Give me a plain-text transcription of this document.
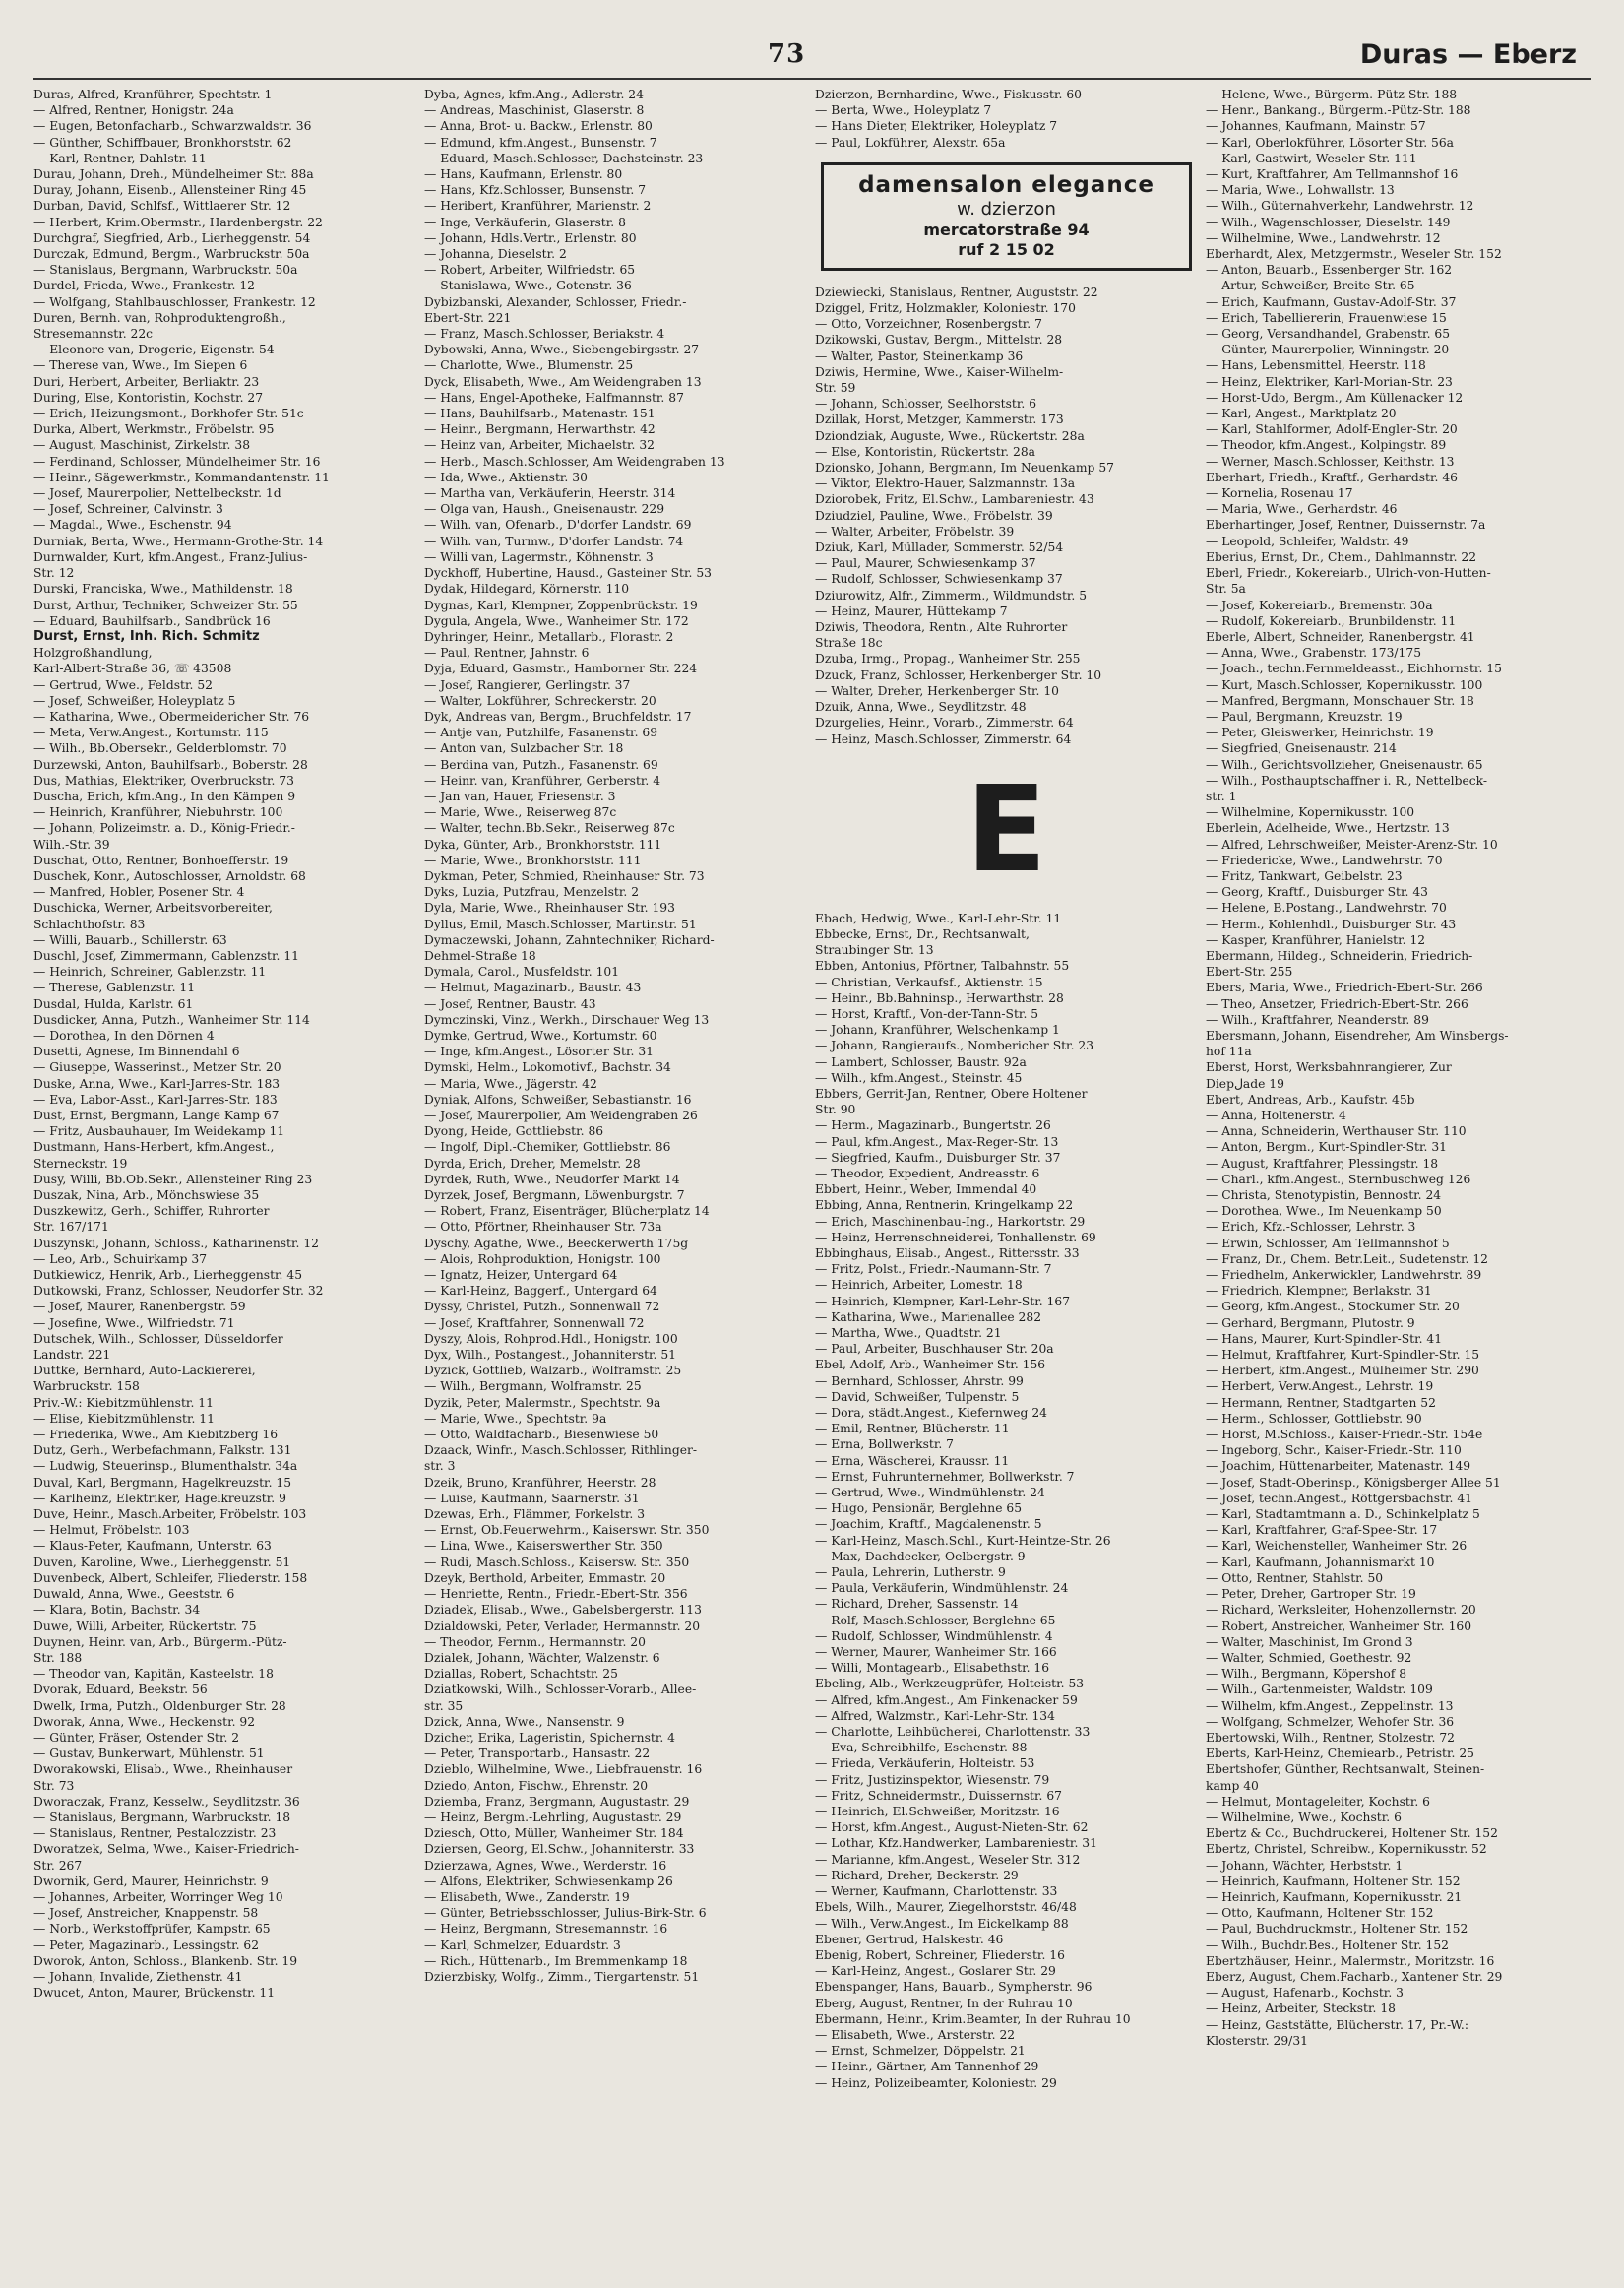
73	Duras — Eberz
Duras, Alfred, Kranführer, Spechtstr. 1
— Alfred, Rentner, Honigstr. 24a
— Eugen, Betonfacharb., Schwarzwaldstr. 36
— Günther, Schiffbauer, Bronkhorststr. 62
— Karl, Rentner, Dahlstr. 11
Durau, Johann, Dreh., Mündelheimer Str. 88a
Duray, Johann, Eisenb., Allensteiner Ring 45
Durban, David, Schlfsf., Wittlaerer Str. 12
— Herbert, Krim.Obermstr., Hardenbergstr. 22
Durchgraf, Siegfried, Arb., Lierheggenstr. 54
Durczak, Edmund, Bergm., Warbruckstr. 50a
— Stanislaus, Bergmann, Warbruckstr. 50a
Durdel, Frieda, Wwe., Frankestr. 12
— Wolfgang, Stahlbauschlosser, Frankestr. 12
Duren, Bernh. van, Rohproduktengroßh.,
Stresemannstr. 22c
— Eleonore van, Drogerie, Eigenstr. 54
— Therese van, Wwe., Im Siepen 6
Duri, Herbert, Arbeiter, Berliaktr. 23
During, Else, Kontoristin, Kochstr. 27
— Erich, Heizungsmont., Borkhofer Str. 51c
Durka, Albert, Werkmstr., Fröbelstr. 95
— August, Maschinist, Zirkelstr. 38
— Ferdinand, Schlosser, Mündelheimer Str. 16
— Heinr., Sägewerkmstr., Kommandantenstr. 11
— Josef, Maurerpolier, Nettelbeckstr. 1d
— Josef, Schreiner, Calvinstr. 3
— Magdal., Wwe., Eschenstr. 94
Durniak, Berta, Wwe., Hermann-Grothe-Str. 14
Durnwalder, Kurt, kfm.Angest., Franz-Julius-
Str. 12
Durski, Franciska, Wwe., Mathildenstr. 18
Durst, Arthur, Techniker, Schweizer Str. 55
— Eduard, Bauhilfsarb., Sandbrück 16
Durst, Ernst, Inh. Rich. Schmitz
Holzgroßhandlung,
Karl-Albert-Straße 36, ☏ 43508
— Gertrud, Wwe., Feldstr. 52
— Josef, Schweißer, Holeyplatz 5
— Katharina, Wwe., Obermeidericher Str. 76
— Meta, Verw.Angest., Kortumstr. 115
— Wilh., Bb.Obersekr., Gelderblomstr. 70
Durzewski, Anton, Bauhilfsarb., Boberstr. 28
Dus, Mathias, Elektriker, Overbruckstr. 73
Duscha, Erich, kfm.Ang., In den Kämpen 9
— Heinrich, Kranführer, Niebuhrstr. 100
— Johann, Polizeimstr. a. D., König-Friedr.-
Wilh.-Str. 39
Duschat, Otto, Rentner, Bonhoefferstr. 19
Duschek, Konr., Autoschlosser, Arnoldstr. 68
— Manfred, Hobler, Posener Str. 4
Duschicka, Werner, Arbeitsvorbereiter,
Schlachthofstr. 83
— Willi, Bauarb., Schillerstr. 63
Duschl, Josef, Zimmermann, Gablenzstr. 11
— Heinrich, Schreiner, Gablenzstr. 11
— Therese, Gablenzstr. 11
Dusdal, Hulda, Karlstr. 61
Dusdicker, Anna, Putzh., Wanheimer Str. 114
— Dorothea, In den Dörnen 4
Dusetti, Agnese, Im Binnendahl 6
— Giuseppe, Wasserinst., Metzer Str. 20
Duske, Anna, Wwe., Karl-Jarres-Str. 183
— Eva, Labor-Asst., Karl-Jarres-Str. 183
Dust, Ernst, Bergmann, Lange Kamp 67
— Fritz, Ausbauhauer, Im Weidekamp 11
Dustmann, Hans-Herbert, kfm.Angest.,
Sterneckstr. 19
Dusy, Willi, Bb.Ob.Sekr., Allensteiner Ring 23
Duszak, Nina, Arb., Mönchswiese 35
Duszkewitz, Gerh., Schiffer, Ruhrorter
Str. 167/171
Duszynski, Johann, Schloss., Katharinenstr. 12
— Leo, Arb., Schuirkamp 37
Dutkiewicz, Henrik, Arb., Lierheggenstr. 45
Dutkowski, Franz, Schlosser, Neudorfer Str. 32
— Josef, Maurer, Ranenbergstr. 59
— Josefine, Wwe., Wilfriedstr. 71
Dutschek, Wilh., Schlosser, Düsseldorfer
Landstr. 221
Duttke, Bernhard, Auto-Lackiererei,
Warbruckstr. 158
Priv.-W.: Kiebitzmühlenstr. 11
— Elise, Kiebitzmühlenstr. 11
— Friederika, Wwe., Am Kiebitzberg 16
Dutz, Gerh., Werbefachmann, Falkstr. 131
— Ludwig, Steuerinsp., Blumenthalstr. 34a
Duval, Karl, Bergmann, Hagelkreuzstr. 15
— Karlheinz, Elektriker, Hagelkreuzstr. 9
Duve, Heinr., Masch.Arbeiter, Fröbelstr. 103
— Helmut, Fröbelstr. 103
— Klaus-Peter, Kaufmann, Unterstr. 63
Duven, Karoline, Wwe., Lierheggenstr. 51
Duvenbeck, Albert, Schleifer, Fliederstr. 158
Duwald, Anna, Wwe., Geeststr. 6
— Klara, Botin, Bachstr. 34
Duwe, Willi, Arbeiter, Rückertstr. 75
Duynen, Heinr. van, Arb., Bürgerm.-Pütz-
Str. 188
— Theodor van, Kapitän, Kasteelstr. 18
Dvorak, Eduard, Beekstr. 56
Dwelk, Irma, Putzh., Oldenburger Str. 28
Dworak, Anna, Wwe., Heckenstr. 92
— Günter, Fräser, Ostender Str. 2
— Gustav, Bunkerwart, Mühlenstr. 51
Dworakowski, Elisab., Wwe., Rheinhauser
Str. 73
Dworaczak, Franz, Kesselw., Seydlitzstr. 36
— Stanislaus, Bergmann, Warbruckstr. 18
— Stanislaus, Rentner, Pestalozzistr. 23
Dworatzek, Selma, Wwe., Kaiser-Friedrich-
Str. 267
Dwornik, Gerd, Maurer, Heinrichstr. 9
— Johannes, Arbeiter, Worringer Weg 10
— Josef, Anstreicher, Knappenstr. 58
— Norb., Werkstoffprüfer, Kampstr. 65
— Peter, Magazinarb., Lessingstr. 62
Dworok, Anton, Schloss., Blankenb. Str. 19
— Johann, Invalide, Ziethenstr. 41
Dwucet, Anton, Maurer, Brückenstr. 11
Dyba, Agnes, kfm.Ang., Adlerstr. 24
— Andreas, Maschinist, Glaserstr. 8
— Anna, Brot- u. Backw., Erlenstr. 80
— Edmund, kfm.Angest., Bunsenstr. 7
— Eduard, Masch.Schlosser, Dachsteinstr. 23
— Hans, Kaufmann, Erlenstr. 80
— Hans, Kfz.Schlosser, Bunsenstr. 7
— Heribert, Kranführer, Marienstr. 2
— Inge, Verkäuferin, Glaserstr. 8
— Johann, Hdls.Vertr., Erlenstr. 80
— Johanna, Dieselstr. 2
— Robert, Arbeiter, Wilfriedstr. 65
— Stanislawa, Wwe., Gotenstr. 36
Dybizbanski, Alexander, Schlosser, Friedr.-
Ebert-Str. 221
— Franz, Masch.Schlosser, Beriakstr. 4
Dybowski, Anna, Wwe., Siebengebirgsstr. 27
— Charlotte, Wwe., Blumenstr. 25
Dyck, Elisabeth, Wwe., Am Weidengraben 13
— Hans, Engel-Apotheke, Halfmannstr. 87
— Hans, Bauhilfsarb., Matenastr. 151
— Heinr., Bergmann, Herwarthstr. 42
— Heinz van, Arbeiter, Michaelstr. 32
— Herb., Masch.Schlosser, Am Weidengraben 13
— Ida, Wwe., Aktienstr. 30
— Martha van, Verkäuferin, Heerstr. 314
— Olga van, Haush., Gneisenaustr. 229
— Wilh. van, Ofenarb., D'dorfer Landstr. 69
— Wilh. van, Turmw., D'dorfer Landstr. 74
— Willi van, Lagermstr., Köhnenstr. 3
Dyckhoff, Hubertine, Hausd., Gasteiner Str. 53
Dydak, Hildegard, Körnerstr. 110
Dygnas, Karl, Klempner, Zoppenbrückstr. 19
Dygula, Angela, Wwe., Wanheimer Str. 172
Dyhringer, Heinr., Metallarb., Florastr. 2
— Paul, Rentner, Jahnstr. 6
Dyja, Eduard, Gasmstr., Hamborner Str. 224
— Josef, Rangierer, Gerlingstr. 37
— Walter, Lokführer, Schreckerstr. 20
Dyk, Andreas van, Bergm., Bruchfeldstr. 17
— Antje van, Putzhilfe, Fasanenstr. 69
— Anton van, Sulzbacher Str. 18
— Berdina van, Putzh., Fasanenstr. 69
— Heinr. van, Kranführer, Gerberstr. 4
— Jan van, Hauer, Friesenstr. 3
— Marie, Wwe., Reiserweg 87c
— Walter, techn.Bb.Sekr., Reiserweg 87c
Dyka, Günter, Arb., Bronkhorststr. 111
— Marie, Wwe., Bronkhorststr. 111
Dykman, Peter, Schmied, Rheinhauser Str. 73
Dyks, Luzia, Putzfrau, Menzelstr. 2
Dyla, Marie, Wwe., Rheinhauser Str. 193
Dyllus, Emil, Masch.Schlosser, Martinstr. 51
Dymaczewski, Johann, Zahntechniker, Richard-
Dehmel-Straße 18
Dymala, Carol., Musfeldstr. 101
— Helmut, Magazinarb., Baustr. 43
— Josef, Rentner, Baustr. 43
Dymczinski, Vinz., Werkh., Dirschauer Weg 13
Dymke, Gertrud, Wwe., Kortumstr. 60
— Inge, kfm.Angest., Lösorter Str. 31
Dymski, Helm., Lokomotivf., Bachstr. 34
— Maria, Wwe., Jägerstr. 42
Dyniak, Alfons, Schweißer, Sebastianstr. 16
— Josef, Maurerpolier, Am Weidengraben 26
Dyong, Heide, Gottliebstr. 86
— Ingolf, Dipl.-Chemiker, Gottliebstr. 86
Dyrda, Erich, Dreher, Memelstr. 28
Dyrdek, Ruth, Wwe., Neudorfer Markt 14
Dyrzek, Josef, Bergmann, Löwenburgstr. 7
— Robert, Franz, Eisenträger, Blücherplatz 14
— Otto, Pförtner, Rheinhauser Str. 73a
Dyschy, Agathe, Wwe., Beeckerwerth 175g
— Alois, Rohproduktion, Honigstr. 100
— Ignatz, Heizer, Untergard 64
— Karl-Heinz, Baggerf., Untergard 64
Dyssy, Christel, Putzh., Sonnenwall 72
— Josef, Kraftfahrer, Sonnenwall 72
Dyszy, Alois, Rohprod.Hdl., Honigstr. 100
Dyx, Wilh., Postangest., Johanniterstr. 51
Dyzick, Gottlieb, Walzarb., Wolframstr. 25
— Wilh., Bergmann, Wolframstr. 25
Dyzik, Peter, Malermstr., Spechtstr. 9a
— Marie, Wwe., Spechtstr. 9a
— Otto, Waldfacharb., Biesenwiese 50
Dzaack, Winfr., Masch.Schlosser, Rithlinger-
str. 3
Dzeik, Bruno, Kranführer, Heerstr. 28
— Luise, Kaufmann, Saarnerstr. 31
Dzewas, Erh., Flämmer, Forkelstr. 3
— Ernst, Ob.Feuerwehrm., Kaiserswr. Str. 350
— Lina, Wwe., Kaiserswerther Str. 350
— Rudi, Masch.Schloss., Kaisersw. Str. 350
Dzeyk, Berthold, Arbeiter, Emmastr. 20
— Henriette, Rentn., Friedr.-Ebert-Str. 356
Dziadek, Elisab., Wwe., Gabelsbergerstr. 113
Dzialdowski, Peter, Verlader, Hermannstr. 20
— Theodor, Fernm., Hermannstr. 20
Dzialek, Johann, Wächter, Walzenstr. 6
Dziallas, Robert, Schachtstr. 25
Dziatkowski, Wilh., Schlosser-Vorarb., Allee-
str. 35
Dzick, Anna, Wwe., Nansenstr. 9
Dzicher, Erika, Lageristin, Spichernstr. 4
— Peter, Transportarb., Hansastr. 22
Dzieblo, Wilhelmine, Wwe., Liebfrauenstr. 16
Dziedo, Anton, Fischw., Ehrenstr. 20
Dziemba, Franz, Bergmann, Augustastr. 29
— Heinz, Bergm.-Lehrling, Augustastr. 29
Dziesch, Otto, Müller, Wanheimer Str. 184
Dziersen, Georg, El.Schw., Johanniterstr. 33
Dzierzawa, Agnes, Wwe., Werderstr. 16
— Alfons, Elektriker, Schwiesenkamp 26
— Elisabeth, Wwe., Zanderstr. 19
— Günter, Betriebsschlosser, Julius-Birk-Str. 6
— Heinz, Bergmann, Stresemannstr. 16
— Karl, Schmelzer, Eduardstr. 3
— Rich., Hüttenarb., Im Bremmenkamp 18
Dzierzbisky, Wolfg., Zimm., Tiergartenstr. 51
Dzierzon, Bernhardine, Wwe., Fiskusstr. 60
— Berta, Wwe., Holeyplatz 7
— Hans Dieter, Elektriker, Holeyplatz 7
— Paul, Lokführer, Alexstr. 65a
damensalon elegance
w. dzierzon
mercatorstraße 94
ruf 2 15 02
Dziewiecki, Stanislaus, Rentner, Auguststr. 22
Dziggel, Fritz, Holzmakler, Koloniestr. 170
— Otto, Vorzeichner, Rosenbergstr. 7
Dzikowski, Gustav, Bergm., Mittelstr. 28
— Walter, Pastor, Steinenkamp 36
Dziwis, Hermine, Wwe., Kaiser-Wilhelm-
Str. 59
— Johann, Schlosser, Seelhorststr. 6
Dzillak, Horst, Metzger, Kammerstr. 173
Dziondziak, Auguste, Wwe., Rückertstr. 28a
— Else, Kontoristin, Rückertstr. 28a
Dzionsko, Johann, Bergmann, Im Neuenkamp 57
— Viktor, Elektro-Hauer, Salzmannstr. 13a
Dziorobek, Fritz, El.Schw., Lambareniestr. 43
Dziudziel, Pauline, Wwe., Fröbelstr. 39
— Walter, Arbeiter, Fröbelstr. 39
Dziuk, Karl, Müllader, Sommerstr. 52/54
— Paul, Maurer, Schwiesenkamp 37
— Rudolf, Schlosser, Schwiesenkamp 37
Dziurowitz, Alfr., Zimmerm., Wildmundstr. 5
— Heinz, Maurer, Hüttekamp 7
Dziwis, Theodora, Rentn., Alte Ruhrorter
Straße 18c
Dzuba, Irmg., Propag., Wanheimer Str. 255
Dzuck, Franz, Schlosser, Herkenberger Str. 10
— Walter, Dreher, Herkenberger Str. 10
Dzuik, Anna, Wwe., Seydlitzstr. 48
Dzurgelies, Heinr., Vorarb., Zimmerstr. 64
— Heinz, Masch.Schlosser, Zimmerstr. 64
E
Ebach, Hedwig, Wwe., Karl-Lehr-Str. 11
Ebbecke, Ernst, Dr., Rechtsanwalt,
Straubinger Str. 13
Ebben, Antonius, Pförtner, Talbahnstr. 55
— Christian, Verkaufsf., Aktienstr. 15
— Heinr., Bb.Bahninsp., Herwarthstr. 28
— Horst, Kraftf., Von-der-Tann-Str. 5
— Johann, Kranführer, Welschenkamp 1
— Johann, Rangieraufs., Nombericher Str. 23
— Lambert, Schlosser, Baustr. 92a
— Wilh., kfm.Angest., Steinstr. 45
Ebbers, Gerrit-Jan, Rentner, Obere Holtener
Str. 90
— Herm., Magazinarb., Bungertstr. 26
— Paul, kfm.Angest., Max-Reger-Str. 13
— Siegfried, Kaufm., Duisburger Str. 37
— Theodor, Expedient, Andreasstr. 6
Ebbert, Heinr., Weber, Immendal 40
Ebbing, Anna, Rentnerin, Kringelkamp 22
— Erich, Maschinenbau-Ing., Harkortstr. 29
— Heinz, Herrenschneiderei, Tonhallenstr. 69
Ebbinghaus, Elisab., Angest., Rittersstr. 33
— Fritz, Polst., Friedr.-Naumann-Str. 7
— Heinrich, Arbeiter, Lomestr. 18
— Heinrich, Klempner, Karl-Lehr-Str. 167
— Katharina, Wwe., Marienallee 282
— Martha, Wwe., Quadtstr. 21
— Paul, Arbeiter, Buschhauser Str. 20a
Ebel, Adolf, Arb., Wanheimer Str. 156
— Bernhard, Schlosser, Ahrstr. 99
— David, Schweißer, Tulpenstr. 5
— Dora, städt.Angest., Kiefernweg 24
— Emil, Rentner, Blücherstr. 11
— Erna, Bollwerkstr. 7
— Erna, Wäscherei, Kraussr. 11
— Ernst, Fuhrunternehmer, Bollwerkstr. 7
— Gertrud, Wwe., Windmühlenstr. 24
— Hugo, Pensionär, Berglehne 65
— Joachim, Kraftf., Magdalenenstr. 5
— Karl-Heinz, Masch.Schl., Kurt-Heintze-Str. 26
— Max, Dachdecker, Oelbergstr. 9
— Paula, Lehrerin, Lutherstr. 9
— Paula, Verkäuferin, Windmühlenstr. 24
— Richard, Dreher, Sassenstr. 14
— Rolf, Masch.Schlosser, Berglehne 65
— Rudolf, Schlosser, Windmühlenstr. 4
— Werner, Maurer, Wanheimer Str. 166
— Willi, Montagearb., Elisabethstr. 16
Ebeling, Alb., Werkzeugprüfer, Holteistr. 53
— Alfred, kfm.Angest., Am Finkenacker 59
— Alfred, Walzmstr., Karl-Lehr-Str. 134
— Charlotte, Leihbücherei, Charlottenstr. 33
— Eva, Schreibhilfe, Eschenstr. 88
— Frieda, Verkäuferin, Holteistr. 53
— Fritz, Justizinspektor, Wiesenstr. 79
— Fritz, Schneidermstr., Duissernstr. 67
— Heinrich, El.Schweißer, Moritzstr. 16
— Horst, kfm.Angest., August-Nieten-Str. 62
— Lothar, Kfz.Handwerker, Lambareniestr. 31
— Marianne, kfm.Angest., Weseler Str. 312
— Richard, Dreher, Beckerstr. 29
— Werner, Kaufmann, Charlottenstr. 33
Ebels, Wilh., Maurer, Ziegelhorststr. 46/48
— Wilh., Verw.Angest., Im Eickelkamp 88
Ebener, Gertrud, Halskestr. 46
Ebenig, Robert, Schreiner, Fliederstr. 16
— Karl-Heinz, Angest., Goslarer Str. 29
Ebenspanger, Hans, Bauarb., Sympherstr. 96
Eberg, August, Rentner, In der Ruhrau 10
Ebermann, Heinr., Krim.Beamter, In der Ruhrau 10
— Elisabeth, Wwe., Arsterstr. 22
— Ernst, Schmelzer, Döppelstr. 21
— Heinr., Gärtner, Am Tannenhof 29
— Heinz, Polizeibeamter, Koloniestr. 29
— Helene, Wwe., Bürgerm.-Pütz-Str. 188
— Henr., Bankang., Bürgerm.-Pütz-Str. 188
— Johannes, Kaufmann, Mainstr. 57
— Karl, Oberlokführer, Lösorter Str. 56a
— Karl, Gastwirt, Weseler Str. 111
— Kurt, Kraftfahrer, Am Tellmannshof 16
— Maria, Wwe., Lohwallstr. 13
— Wilh., Güternahverkehr, Landwehrstr. 12
— Wilh., Wagenschlosser, Dieselstr. 149
— Wilhelmine, Wwe., Landwehrstr. 12
Eberhardt, Alex, Metzgermstr., Weseler Str. 152
— Anton, Bauarb., Essenberger Str. 162
— Artur, Schweißer, Breite Str. 65
— Erich, Kaufmann, Gustav-Adolf-Str. 37
— Erich, Tabelliererin, Frauenwiese 15
— Georg, Versandhandel, Grabenstr. 65
— Günter, Maurerpolier, Winningstr. 20
— Hans, Lebensmittel, Heerstr. 118
— Heinz, Elektriker, Karl-Morian-Str. 23
— Horst-Udo, Bergm., Am Küllenacker 12
— Karl, Angest., Marktplatz 20
— Karl, Stahlformer, Adolf-Engler-Str. 20
— Theodor, kfm.Angest., Kolpingstr. 89
— Werner, Masch.Schlosser, Keithstr. 13
Eberhart, Friedh., Kraftf., Gerhardstr. 46
— Kornelia, Rosenau 17
— Maria, Wwe., Gerhardstr. 46
Eberhartinger, Josef, Rentner, Duissernstr. 7a
— Leopold, Schleifer, Waldstr. 49
Eberius, Ernst, Dr., Chem., Dahlmannstr. 22
Eberl, Friedr., Kokereiarb., Ulrich-von-Hutten-
Str. 5a
— Josef, Kokereiarb., Bremenstr. 30a
— Rudolf, Kokereiarb., Brunbildenstr. 11
Eberle, Albert, Schneider, Ranenbergstr. 41
— Anna, Wwe., Grabenstr. 173/175
— Joach., techn.Fernmeldeasst., Eichhornstr. 15
— Kurt, Masch.Schlosser, Kopernikusstr. 100
— Manfred, Bergmann, Monschauer Str. 18
— Paul, Bergmann, Kreuzstr. 19
— Peter, Gleiswerker, Heinrichstr. 19
— Siegfried, Gneisenaustr. 214
— Wilh., Gerichtsvollzieher, Gneisenaustr. 65
— Wilh., Posthauptschaffner i. R., Nettelbeck-
str. 1
— Wilhelmine, Kopernikusstr. 100
Eberlein, Adelheide, Wwe., Hertzstr. 13
— Alfred, Lehrschweißer, Meister-Arenz-Str. 10
— Friedericke, Wwe., Landwehrstr. 70
— Fritz, Tankwart, Geibelstr. 23
— Georg, Kraftf., Duisburger Str. 43
— Helene, B.Postang., Landwehrstr. 70
— Herm., Kohlenhdl., Duisburger Str. 43
— Kasper, Kranführer, Hanielstr. 12
Ebermann, Hildeg., Schneiderin, Friedrich-
Ebert-Str. 255
Ebers, Maria, Wwe., Friedrich-Ebert-Str. 266
— Theo, Ansetzer, Friedrich-Ebert-Str. 266
— Wilh., Kraftfahrer, Neanderstr. 89
Ebersmann, Johann, Eisendreher, Am Winsbergs-
hof 11a
Eberst, Horst, Werksbahnrangierer, Zur
Diepلade 19
Ebert, Andreas, Arb., Kaufstr. 45b
— Anna, Holtenerstr. 4
— Anna, Schneiderin, Werthauser Str. 110
— Anton, Bergm., Kurt-Spindler-Str. 31
— August, Kraftfahrer, Plessingstr. 18
— Charl., kfm.Angest., Sternbuschweg 126
— Christa, Stenotypistin, Bennostr. 24
— Dorothea, Wwe., Im Neuenkamp 50
— Erich, Kfz.-Schlosser, Lehrstr. 3
— Erwin, Schlosser, Am Tellmannshof 5
— Franz, Dr., Chem. Betr.Leit., Sudetenstr. 12
— Friedhelm, Ankerwickler, Landwehrstr. 89
— Friedrich, Klempner, Berlakstr. 31
— Georg, kfm.Angest., Stockumer Str. 20
— Gerhard, Bergmann, Plutostr. 9
— Hans, Maurer, Kurt-Spindler-Str. 41
— Helmut, Kraftfahrer, Kurt-Spindler-Str. 15
— Herbert, kfm.Angest., Mülheimer Str. 290
— Herbert, Verw.Angest., Lehrstr. 19
— Hermann, Rentner, Stadtgarten 52
— Herm., Schlosser, Gottliebstr. 90
— Horst, M.Schloss., Kaiser-Friedr.-Str. 154e
— Ingeborg, Schr., Kaiser-Friedr.-Str. 110
— Joachim, Hüttenarbeiter, Matenastr. 149
— Josef, Stadt-Oberinsp., Königsberger Allee 51
— Josef, techn.Angest., Röttgersbachstr. 41
— Karl, Stadtamtmann a. D., Schinkelplatz 5
— Karl, Kraftfahrer, Graf-Spee-Str. 17
— Karl, Weichensteller, Wanheimer Str. 26
— Karl, Kaufmann, Johannismarkt 10
— Otto, Rentner, Stahlstr. 50
— Peter, Dreher, Gartroper Str. 19
— Richard, Werksleiter, Hohenzollernstr. 20
— Robert, Anstreicher, Wanheimer Str. 160
— Walter, Maschinist, Im Grond 3
— Walter, Schmied, Goethestr. 92
— Wilh., Bergmann, Köpershof 8
— Wilh., Gartenmeister, Waldstr. 109
— Wilhelm, kfm.Angest., Zeppelinstr. 13
— Wolfgang, Schmelzer, Wehofer Str. 36
Ebertowski, Wilh., Rentner, Stolzestr. 72
Eberts, Karl-Heinz, Chemiearb., Petristr. 25
Ebertshofer, Günther, Rechtsanwalt, Steinen-
kamp 40
— Helmut, Montageleiter, Kochstr. 6
— Wilhelmine, Wwe., Kochstr. 6
Ebertz & Co., Buchdruckerei, Holtener Str. 152
Ebertz, Christel, Schreibw., Kopernikusstr. 52
— Johann, Wächter, Herbststr. 1
— Heinrich, Kaufmann, Holtener Str. 152
— Heinrich, Kaufmann, Kopernikusstr. 21
— Otto, Kaufmann, Holtener Str. 152
— Paul, Buchdruckmstr., Holtener Str. 152
— Wilh., Buchdr.Bes., Holtener Str. 152
Ebertzhäuser, Heinr., Malermstr., Moritzstr. 16
Eberz, August, Chem.Facharb., Xantener Str. 29
— August, Hafenarb., Kochstr. 3
— Heinz, Arbeiter, Steckstr. 18
— Heinz, Gaststätte, Blücherstr. 17, Pr.-W.:
Klosterstr. 29/31
